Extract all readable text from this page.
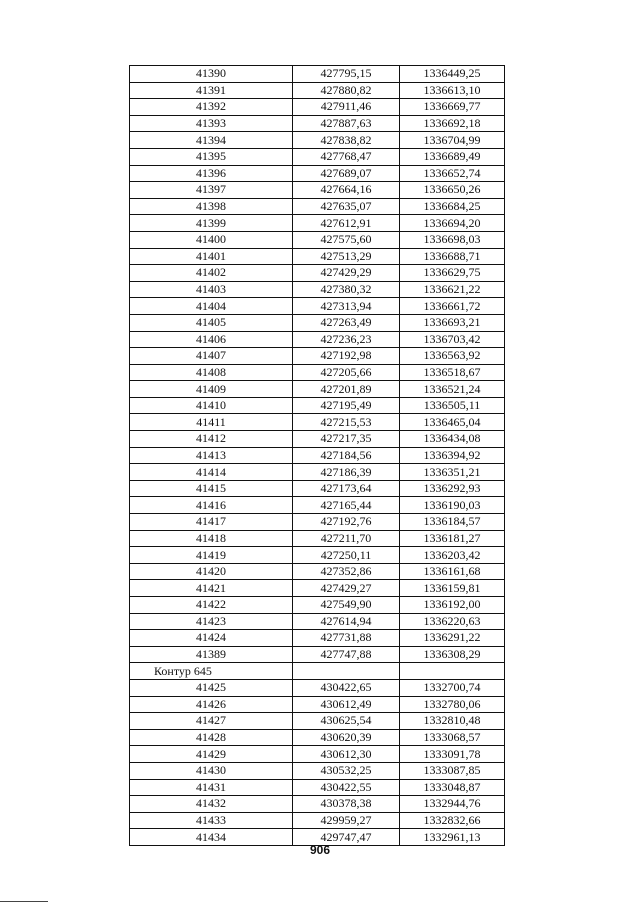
41390	427795,15	1336449,25
41391	427880,82	1336613,10
41392	427911,46	1336669,77
41393	427887,63	1336692,18
41394	427838,82	1336704,99
41395	427768,47	1336689,49
41396	427689,07	1336652,74
41397	427664,16	1336650,26
41398	427635,07	1336684,25
41399	427612,91	1336694,20
41400	427575,60	1336698,03
41401	427513,29	1336688,71
41402	427429,29	1336629,75
41403	427380,32	1336621,22
41404	427313,94	1336661,72
41405	427263,49	1336693,21
41406	427236,23	1336703,42
41407	427192,98	1336563,92
41408	427205,66	1336518,67
41409	427201,89	1336521,24
41410	427195,49	1336505,11
41411	427215,53	1336465,04
41412	427217,35	1336434,08
41413	427184,56	1336394,92
41414	427186,39	1336351,21
41415	427173,64	1336292,93
41416	427165,44	1336190,03
41417	427192,76	1336184,57
41418	427211,70	1336181,27
41419	427250,11	1336203,42
41420	427352,86	1336161,68
41421	427429,27	1336159,81
41422	427549,90	1336192,00
41423	427614,94	1336220,63
41424	427731,88	1336291,22
41389	427747,88	1336308,29
Контур 645		
41425	430422,65	1332700,74
41426	430612,49	1332780,06
41427	430625,54	1332810,48
41428	430620,39	1333068,57
41429	430612,30	1333091,78
41430	430532,25	1333087,85
41431	430422,55	1333048,87
41432	430378,38	1332944,76
41433	429959,27	1332832,66
41434	429747,47	1332961,13
906
